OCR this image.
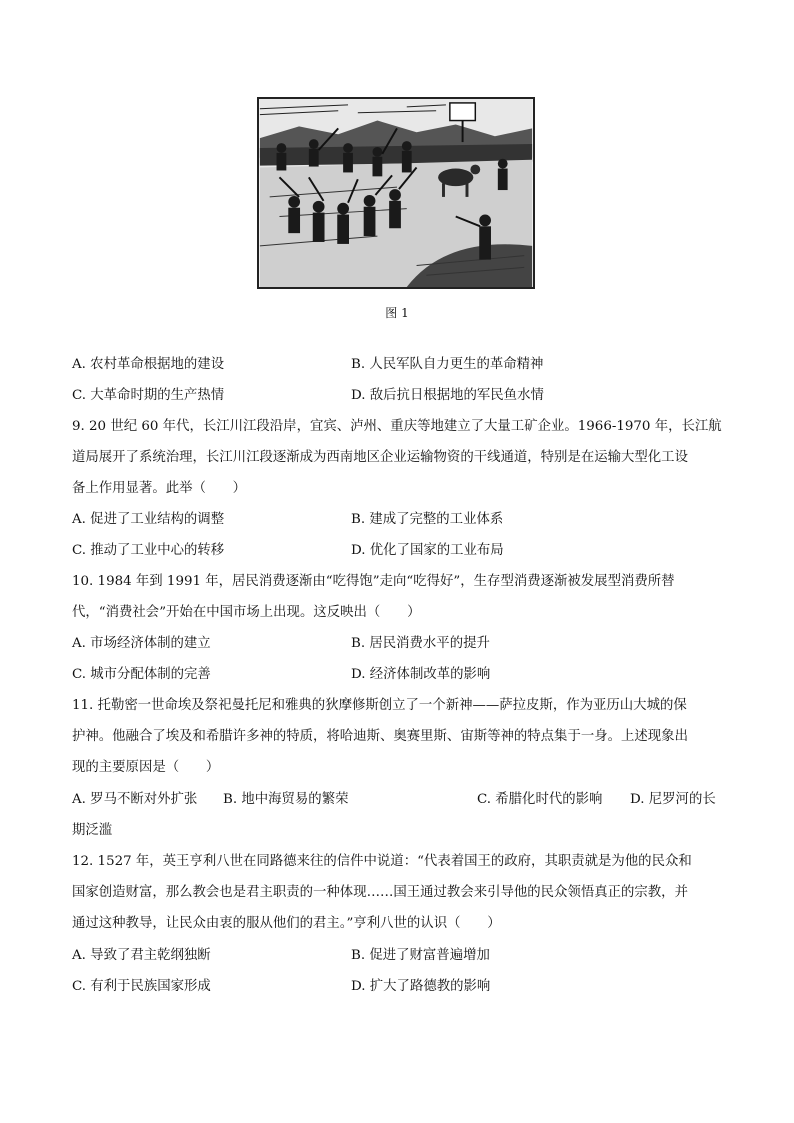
图 1
A. 农村革命根据地的建设	B. 人民军队自力更生的革命精神
C. 大革命时期的生产热情	D. 敌后抗日根据地的军民鱼水情
9. 20 世纪 60 年代，长江川江段沿岸，宜宾、泸州、重庆等地建立了大量工矿企业。1966-1970 年，长江航
道局展开了系统治理，长江川江段逐渐成为西南地区企业运输物资的干线通道，特别是在运输大型化工设
备上作用显著。此举（　　）
A. 促进了工业结构的调整	B. 建成了完整的工业体系
C. 推动了工业中心的转移	D. 优化了国家的工业布局
10. 1984 年到 1991 年，居民消费逐渐由“吃得饱”走向“吃得好”，生存型消费逐渐被发展型消费所替
代，“消费社会”开始在中国市场上出现。这反映出（　　）
A. 市场经济体制的建立	B. 居民消费水平的提升
C. 城市分配体制的完善	D. 经济体制改革的影响
11. 托勒密一世命埃及祭祀曼托尼和雅典的狄摩修斯创立了一个新神——萨拉皮斯，作为亚历山大城的保
护神。他融合了埃及和希腊许多神的特质，将哈迪斯、奥赛里斯、宙斯等神的特点集于一身。上述现象出
现的主要原因是（　　）
A. 罗马不断对外扩张 B. 地中海贸易的繁荣	C. 希腊化时代的影响 D. 尼罗河的长
期泛滥
12. 1527 年，英王亨利八世在同路德来往的信件中说道：“代表着国王的政府，其职责就是为他的民众和
国家创造财富，那么教会也是君主职责的一种体现……国王通过教会来引导他的民众领悟真正的宗教，并
通过这种教导，让民众由衷的服从他们的君主。”亨利八世的认识（　　）
A. 导致了君主乾纲独断	B. 促进了财富普遍增加
C. 有利于民族国家形成	D. 扩大了路德教的影响
